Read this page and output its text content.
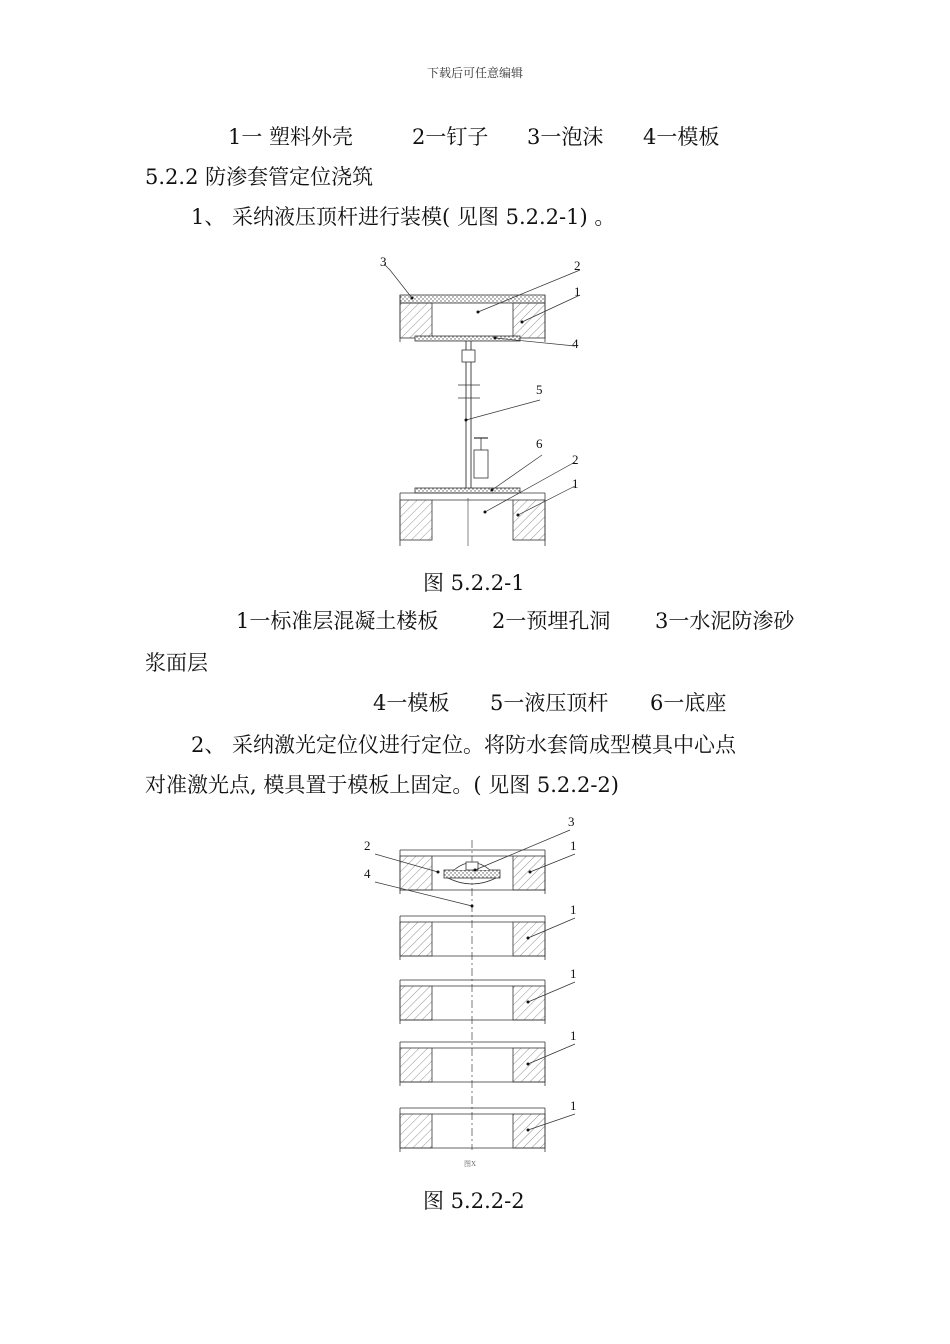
下载后可任意编辑
1一 塑料外壳	2一钉子 3一泡沫 4一模板
5.2.2 防渗套管定位浇筑
1、 采纳液压顶杆进行装模( 见图 5.2.2-1) 。
3	2
1
4
5
6
2
1
图 5.2.2-1
1一标准层混凝土楼板	2一预埋孔洞 3一水泥防渗砂
浆面层
4一模板 5一液压顶杆 6一底座
2、 采纳激光定位仪进行定位。将防水套筒成型模具中心点
对准激光点, 模具置于模板上固定。( 见图 5.2.2-2)
3
2	1
4
1
1
1
1
图X
图 5.2.2-2
